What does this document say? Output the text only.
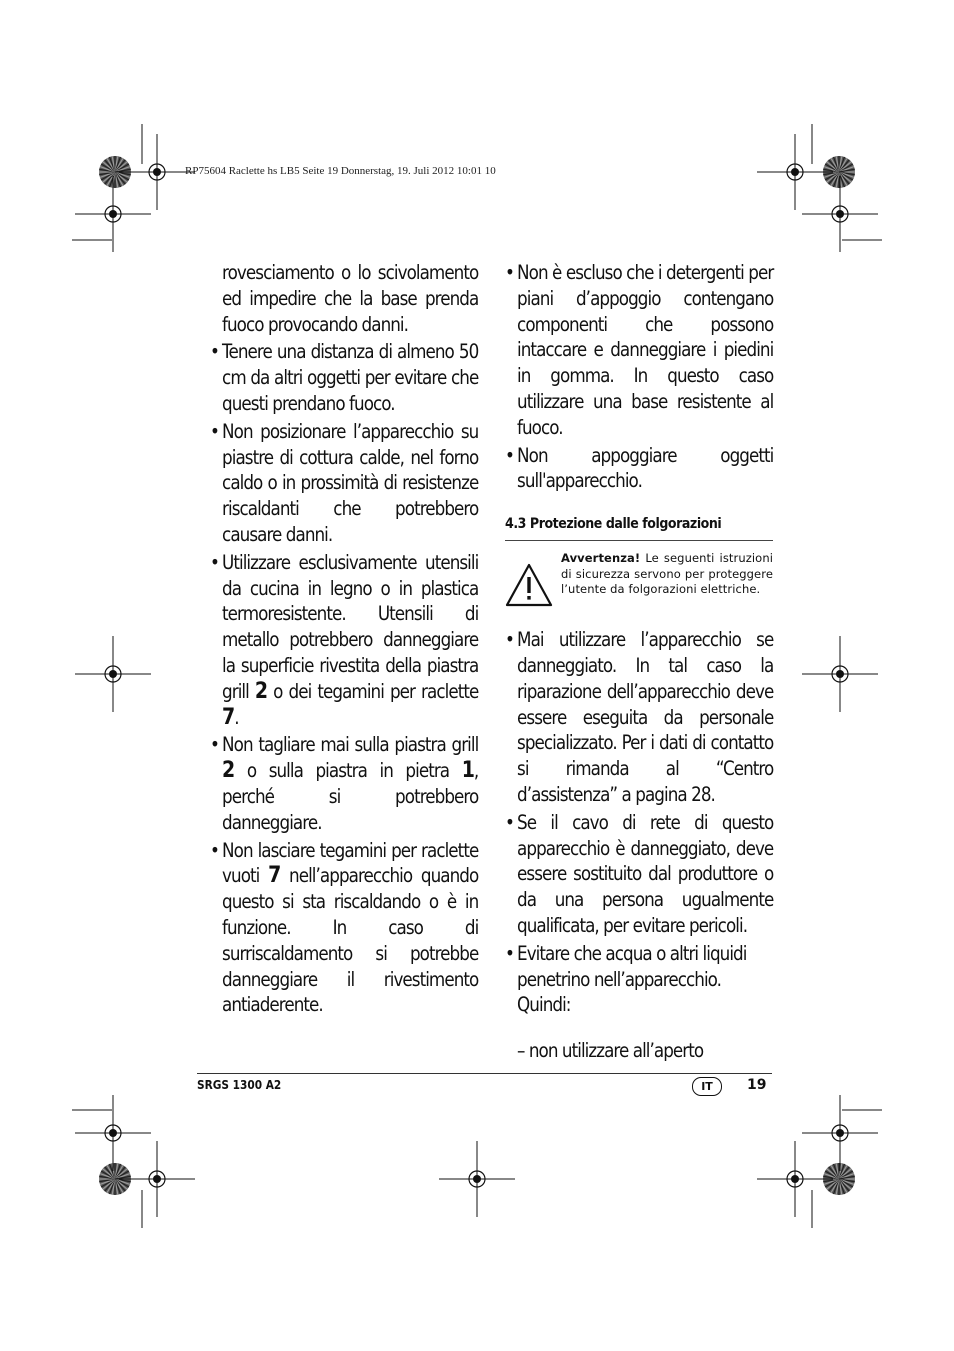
RP75604 Raclette hs LB5 Seite 19 Donnerstag, 19. Juli 2012 10:01 10

rovesciamento o lo scivolamento ed impedire che la base prenda fuoco provocando danni.

• Tenere una distanza di almeno 50 cm da altri oggetti per evitare che questi prendano fuoco.

• Non posizionare l’apparecchio su piastre di cottura calde, nel forno caldo o in prossimità di resistenze riscaldanti che potrebbero causare danni.

• Utilizzare esclusivamente utensili da cucina in legno o in plastica termoresistente. Utensili di metallo potrebbero danneggiare la superficie rivestita della piastra grill 2 o dei tegamini per raclette 7.

• Non tagliare mai sulla piastra grill 2 o sulla piastra in pietra 1, perché si potrebbero danneggiare.

• Non lasciare tegamini per raclette vuoti 7 nell’apparecchio quando questo si sta riscaldando o è in funzione. In caso di surriscaldamento si potrebbe danneggiare il rivestimento antiaderente.

• Non è escluso che i detergenti per piani d’appoggio contengano componenti che possono intaccare e danneggiare i piedini in gomma. In questo caso utilizzare una base resistente al fuoco.

• Non appoggiare oggetti sull'apparecchio.

4.3 Protezione dalle folgorazioni
Avvertenza! Le seguenti istruzioni di sicurezza servono per proteggere l’utente da folgorazioni elettriche.

• Mai utilizzare l’apparecchio se danneggiato. In tal caso la riparazione dell’apparecchio deve essere eseguita da personale specializzato. Per i dati di contatto si rimanda al “Centro d’assistenza” a pagina 28.

• Se il cavo di rete di questo apparecchio è danneggiato, deve essere sostituito dal produttore o da una persona ugualmente qualificata, per evitare pericoli.

• Evitare che acqua o altri liquidi penetrino nell’apparecchio. Quindi:

– non utilizzare all’aperto

SRGS 1300 A2	IT	19
